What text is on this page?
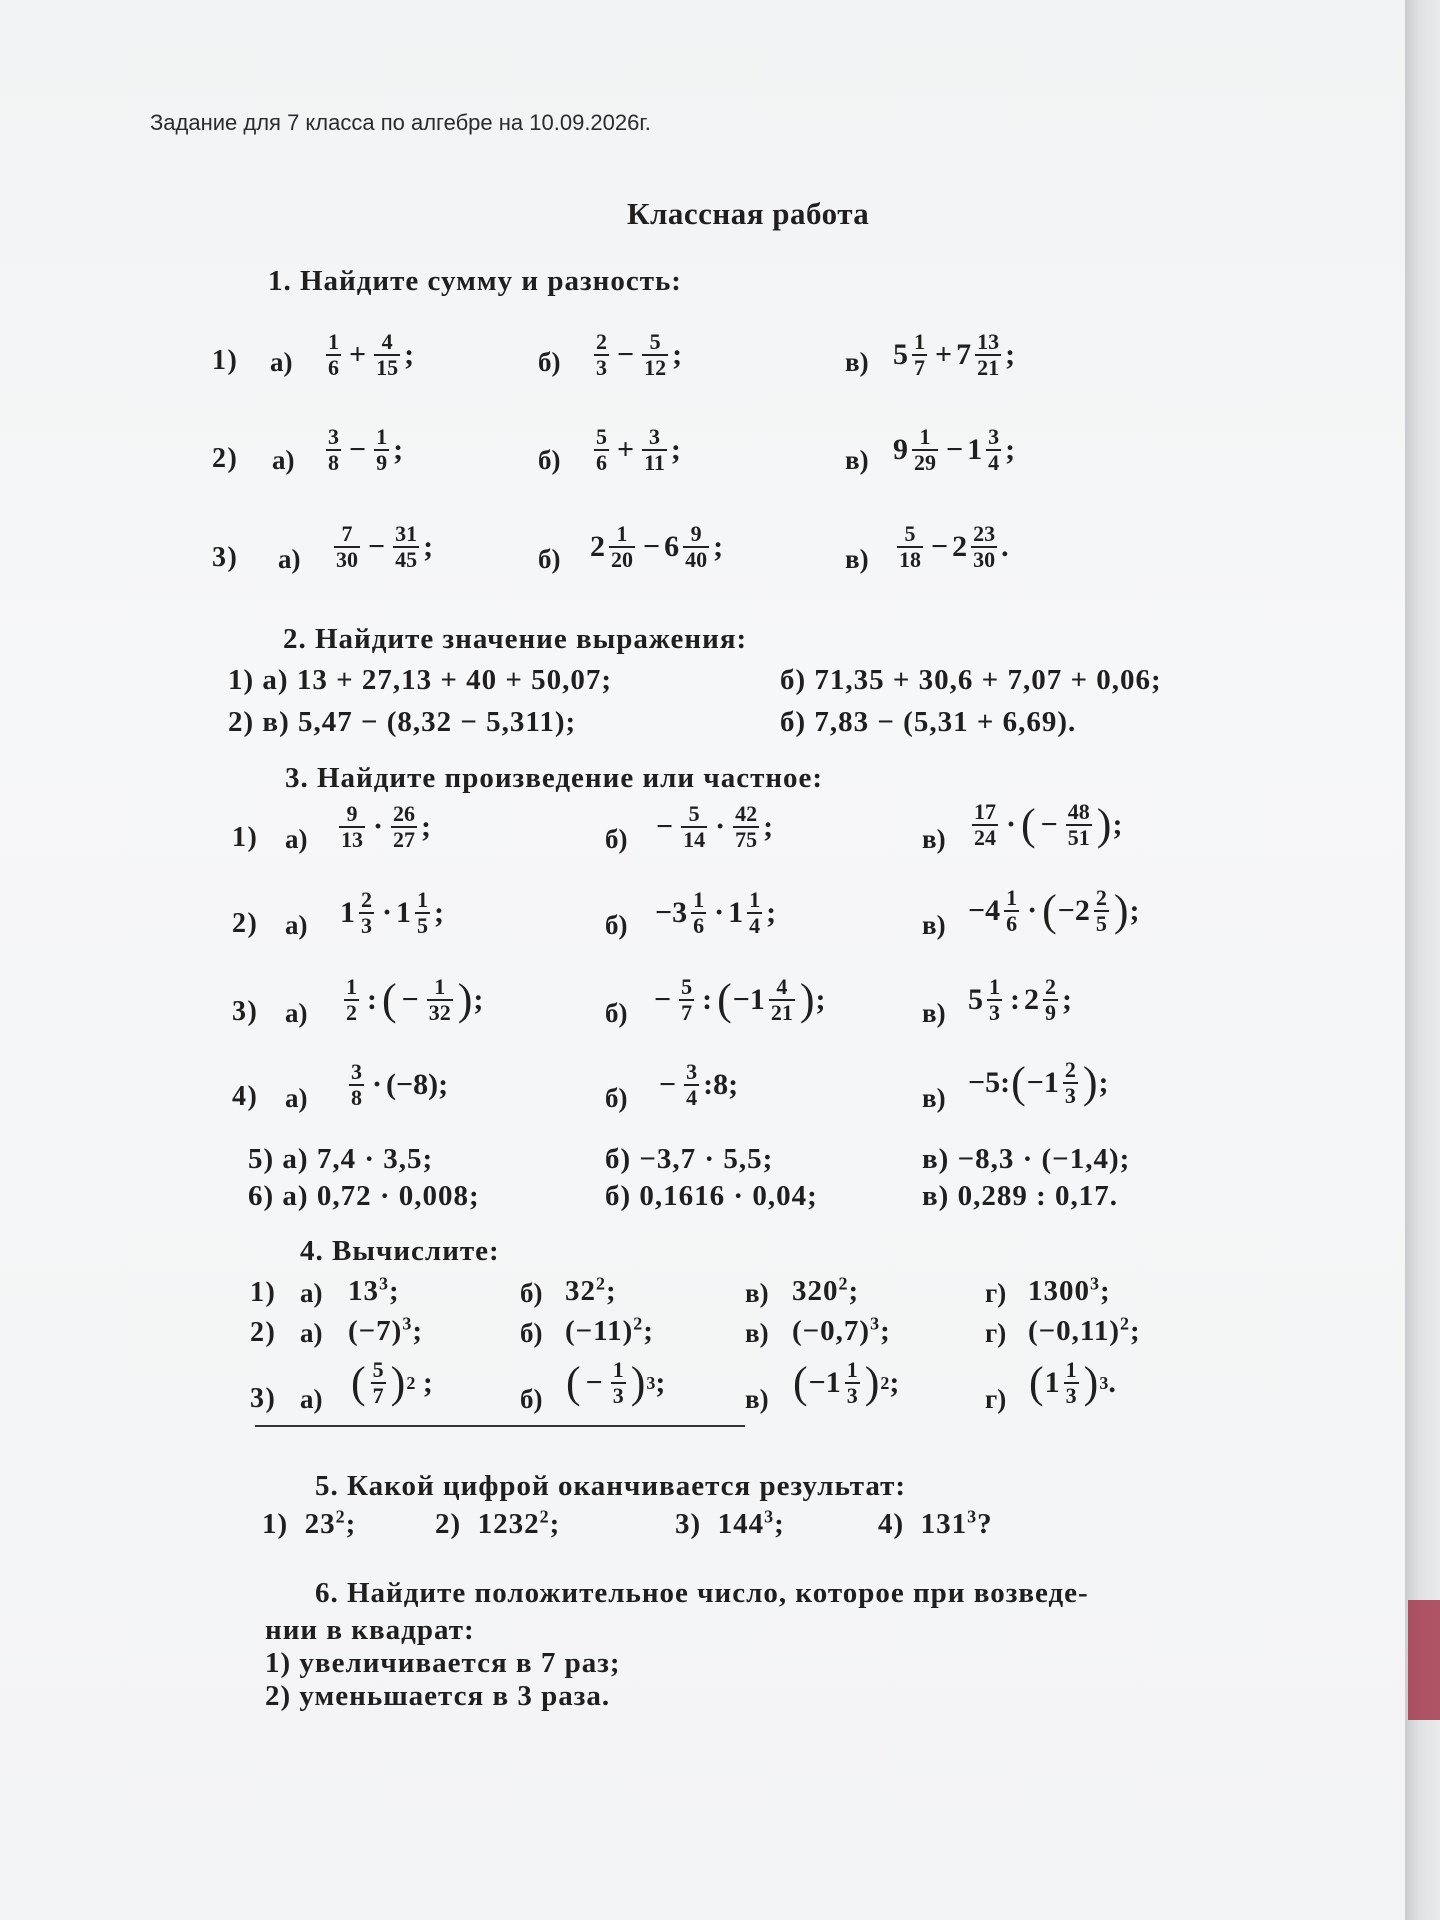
Задание для 7 класса по алгебре на 10.09.2026г.
Классная работа
1. Найдите сумму и разность:
1) $а) \frac{1}{6} + \frac{4}{15}$ ;	$б) \frac{2}{3} - \frac{5}{12}$ ;	в) $5 \frac{1}{7} + 7 \frac{13}{21}$ ;
2) $а) \frac{3}{8} - \frac{1}{9}$ ;	$б) \frac{5}{6} + \frac{3}{11}$ ;	в) $9 \frac{1}{29} - 1 \frac{3}{4}$ ;
3) $а) \frac{7}{30} - \frac{31}{45}$ ;	б) $2 \frac{1}{20} - 6 \frac{9}{40}$ ;	$в) \frac{5}{18} - 2 \frac{23}{30}$ .
2. Найдите значение выражения:
1) а) 13 + 27,13 + 40 + 50,07;	б) 71,35 + 30,6 + 7,07 + 0,06;
2) в) 5,47 − (8,32 − 5,311);	б) 7,83 − (5,31 + 6,69).
3. Найдите произведение или частное:
1) $а) \frac{9}{13} \cdot \frac{26}{27}$ ;	$б) - \frac{5}{14} \cdot \frac{42}{75}$ ;	$в) \frac{17}{24}$ · ( − $\frac{48}{51}$ ) ;
2) а) $1 \frac{2}{3} \cdot 1 \frac{1}{5}$ ;	$б) -3 \frac{1}{6} \cdot 1 \frac{1}{4}$ ;	$в) -4 \frac{1}{6}$ · ( $-2 \frac{2}{5}$ ) ;
3) $а) \frac{1}{2}$ : ( − $\frac{1}{32}$ ) ;	$б) - \frac{5}{7}$ : ( $-1 \frac{4}{21}$ ) ;	в) $5 \frac{1}{3}$ : $2 \frac{2}{9}$ ;
4) $а) \frac{3}{8} \cdot (-8)$;	$б) - \frac{3}{4}$ :8;	в) −5: ( $-1 \frac{2}{3}$ ) ;
5) а) 7,4 · 3,5;	б) −3,7 · 5,5;	в) −8,3 · (−1,4);
6) а) 0,72 · 0,008;	б) 0,1616 · 0,04;	в) 0,289 : 0,17.
4. Вычислите:
1) а) $13^3$;	б) $32^2$;	в) $320^2$;	г) 1300$^3$;
2) а) $(-7)^3$;	б) $(-11)^2$;	в) $(-0,7)^3$;	г) $(-0,11)^2$;
3) а) ( $\frac{5}{7}$ ) 2 ;	б) ( − $\frac{1}{3}$ ) 3 ;	в) ( $-1 \frac{1}{3}$ ) 2 ;	г) ( $1 \frac{1}{3}$ ) 3 .
5. Какой цифрой оканчивается результат:
1)  $23^2$;	2)  1232$^2$;	3)  $144^3$;	4)  $131^3$?
6. Найдите положительное число, которое при возведе-
нии в квадрат:
1) увеличивается в 7 раз;
2) уменьшается в 3 раза.
